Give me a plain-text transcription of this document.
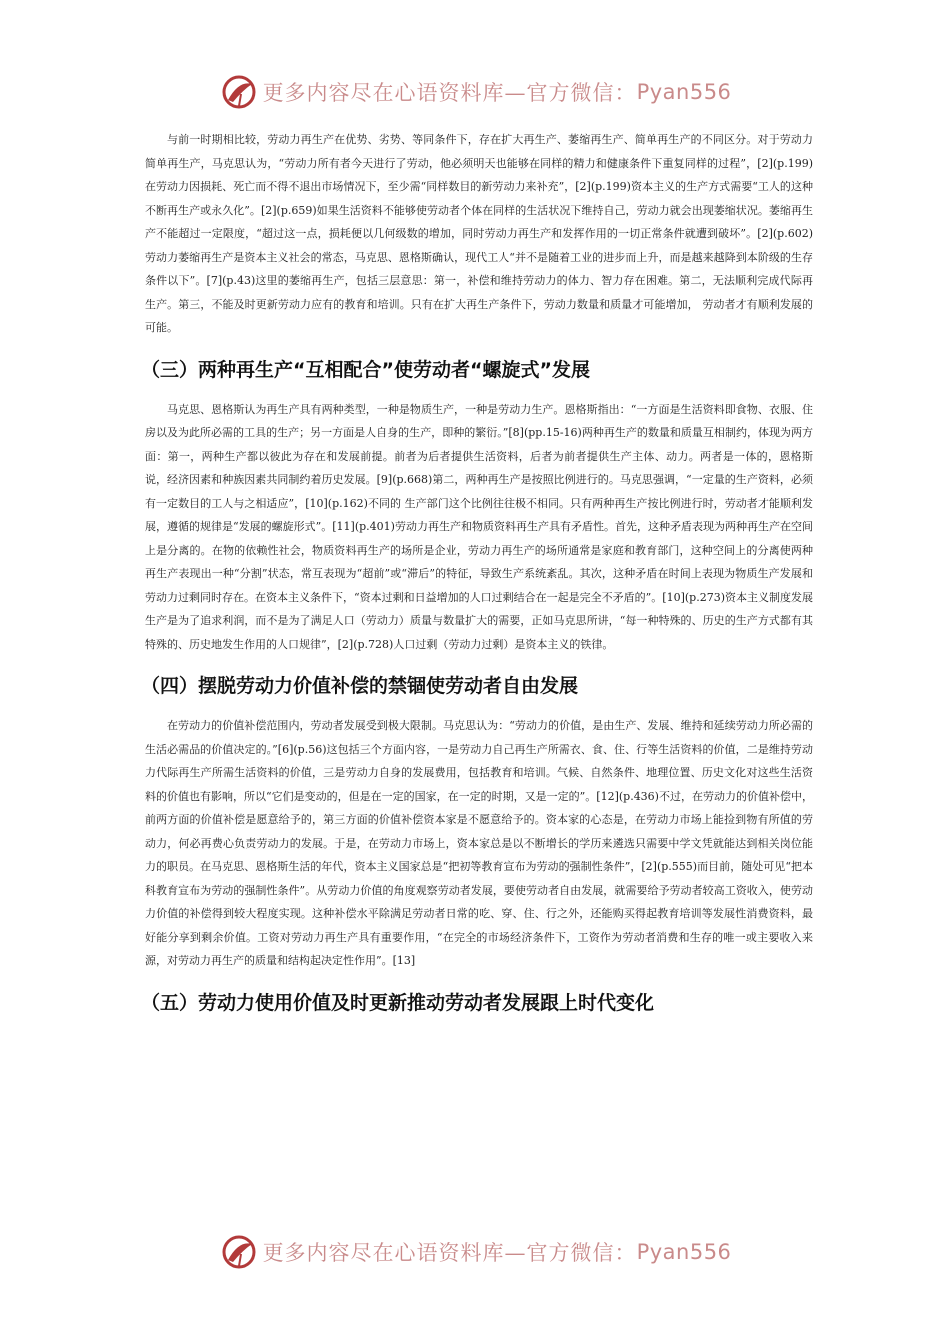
更多内容尽在心语资料库—官方微信： Pyan556

与前一时期相比较，劳动力再生产在优势、劣势、等同条件下，存在扩大再生产、萎缩再生产、简单再生产的不同区分。对于劳动力简单再生产，马克思认为，“劳动力所有者今天进行了劳动，他必须明天也能够在同样的精力和健康条件下重复同样的过程”，[2](p.199)在劳动力因损耗、死亡而不得不退出市场情况下，至少需“同样数目的新劳动力来补充”，[2](p.199)资本主义的生产方式需要“工人的这种不断再生产或永久化”。[2](p.659)如果生活资料不能够使劳动者个体在同样的生活状况下维持自己，劳动力就会出现萎缩状况。萎缩再生产不能超过一定限度，“超过这一点，损耗便以几何级数的增加，同时劳动力再生产和发挥作用的一切正常条件就遭到破坏”。[2](p.602)劳动力萎缩再生产是资本主义社会的常态，马克思、恩格斯确认，现代工人“并不是随着工业的进步而上升，而是越来越降到本阶级的生存条件以下”。[7](p.43)这里的萎缩再生产，包括三层意思：第一，补偿和维持劳动力的体力、智力存在困难。第二，无法顺利完成代际再生产。第三，不能及时更新劳动力应有的教育和培训。只有在扩大再生产条件下，劳动力数量和质量才可能增加， 劳动者才有顺利发展的可能。

（三）两种再生产“互相配合”使劳动者“螺旋式”发展

马克思、恩格斯认为再生产具有两种类型，一种是物质生产，一种是劳动力生产。恩格斯指出：“一方面是生活资料即食物、衣服、住房以及为此所必需的工具的生产；另一方面是人自身的生产，即种的繁衍。”[8](pp.15-16)两种再生产的数量和质量互相制约，体现为两方面：第一，两种生产都以彼此为存在和发展前提。前者为后者提供生活资料，后者为前者提供生产主体、动力。两者是一体的，恩格斯说，经济因素和种族因素共同制约着历史发展。[9](p.668)第二，两种再生产是按照比例进行的。马克思强调，“一定量的生产资料，必须有一定数目的工人与之相适应”，[10](p.162)不同的 生产部门这个比例往往极不相同。只有两种再生产按比例进行时，劳动者才能顺利发展，遵循的规律是“发展的螺旋形式”。[11](p.401)劳动力再生产和物质资料再生产具有矛盾性。首先，这种矛盾表现为两种再生产在空间上是分离的。在物的依赖性社会，物质资料再生产的场所是企业，劳动力再生产的场所通常是家庭和教育部门，这种空间上的分离使两种再生产表现出一种“分割”状态，常互表现为“超前”或“滞后”的特征，导致生产系统紊乱。其次，这种矛盾在时间上表现为物质生产发展和劳动力过剩同时存在。在资本主义条件下，“资本过剩和日益增加的人口过剩结合在一起是完全不矛盾的”。[10](p.273)资本主义制度发展生产是为了追求利润，而不是为了满足人口（劳动力）质量与数量扩大的需要，正如马克思所讲，“每一种特殊的、历史的生产方式都有其特殊的、历史地发生作用的人口规律”，[2](p.728)人口过剩（劳动力过剩）是资本主义的铁律。

（四）摆脱劳动力价值补偿的禁锢使劳动者自由发展

在劳动力的价值补偿范围内，劳动者发展受到极大限制。马克思认为：“劳动力的价值，是由生产、发展、维持和延续劳动力所必需的生活必需品的价值决定的。”[6](p.56)这包括三个方面内容，一是劳动力自己再生产所需衣、食、住、行等生活资料的价值，二是维持劳动力代际再生产所需生活资料的价值，三是劳动力自身的发展费用，包括教育和培训。气候、自然条件、地理位置、历史文化对这些生活资料的价值也有影响，所以“它们是变动的，但是在一定的国家，在一定的时期，又是一定的”。[12](p.436)不过，在劳动力的价值补偿中，前两方面的价值补偿是愿意给予的，第三方面的价值补偿资本家是不愿意给予的。资本家的心态是，在劳动力市场上能捡到物有所值的劳动力，何必再费心负责劳动力的发展。于是，在劳动力市场上，资本家总是以不断增长的学历来遴选只需要中学文凭就能达到相关岗位能力的职员。在马克思、恩格斯生活的年代，资本主义国家总是“把初等教育宣布为劳动的强制性条件”，[2](p.555)而目前，随处可见“把本科教育宣布为劳动的强制性条件”。从劳动力价值的角度观察劳动者发展，要使劳动者自由发展，就需要给予劳动者较高工资收入，使劳动力价值的补偿得到较大程度实现。这种补偿水平除满足劳动者日常的吃、穿、住、行之外，还能购买得起教育培训等发展性消费资料，最好能分享到剩余价值。工资对劳动力再生产具有重要作用，“在完全的市场经济条件下，工资作为劳动者消费和生存的唯一或主要收入来源，对劳动力再生产的质量和结构起决定性作用”。[13]

（五）劳动力使用价值及时更新推动劳动者发展跟上时代变化
更多内容尽在心语资料库—官方微信： Pyan556
